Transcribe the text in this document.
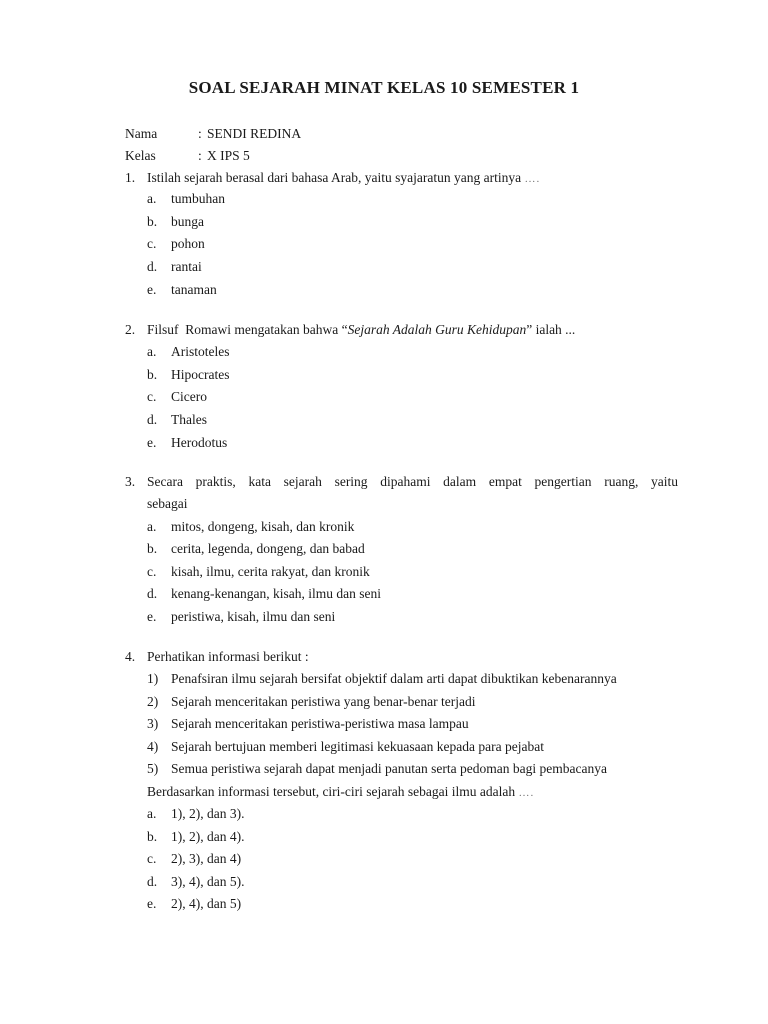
SOAL SEJARAH MINAT KELAS 10 SEMESTER 1
Nama	: SENDI REDINA
Kelas	: X IPS 5
1. Istilah sejarah berasal dari bahasa Arab, yaitu syajaratun yang artinya ….
a. tumbuhan
b. bunga
c. pohon
d. rantai
e. tanaman
2. Filsuf  Romawi mengatakan bahwa “Sejarah Adalah Guru Kehidupan” ialah ...
a. Aristoteles
b. Hipocrates
c. Cicero
d. Thales
e. Herodotus
3. Secara praktis, kata sejarah sering dipahami dalam empat pengertian ruang, yaitu
sebagai
a. mitos, dongeng, kisah, dan kronik
b. cerita, legenda, dongeng, dan babad
c. kisah, ilmu, cerita rakyat, dan kronik
d. kenang-kenangan, kisah, ilmu dan seni
e. peristiwa, kisah, ilmu dan seni
4. Perhatikan informasi berikut :
1) Penafsiran ilmu sejarah bersifat objektif dalam arti dapat dibuktikan kebenarannya
2) Sejarah menceritakan peristiwa yang benar-benar terjadi
3) Sejarah menceritakan peristiwa-peristiwa masa lampau
4) Sejarah bertujuan memberi legitimasi kekuasaan kepada para pejabat
5) Semua peristiwa sejarah dapat menjadi panutan serta pedoman bagi pembacanya
Berdasarkan informasi tersebut, ciri-ciri sejarah sebagai ilmu adalah ….
a. 1), 2), dan 3).
b. 1), 2), dan 4).
c. 2), 3), dan 4)
d. 3), 4), dan 5).
e. 2), 4), dan 5)
